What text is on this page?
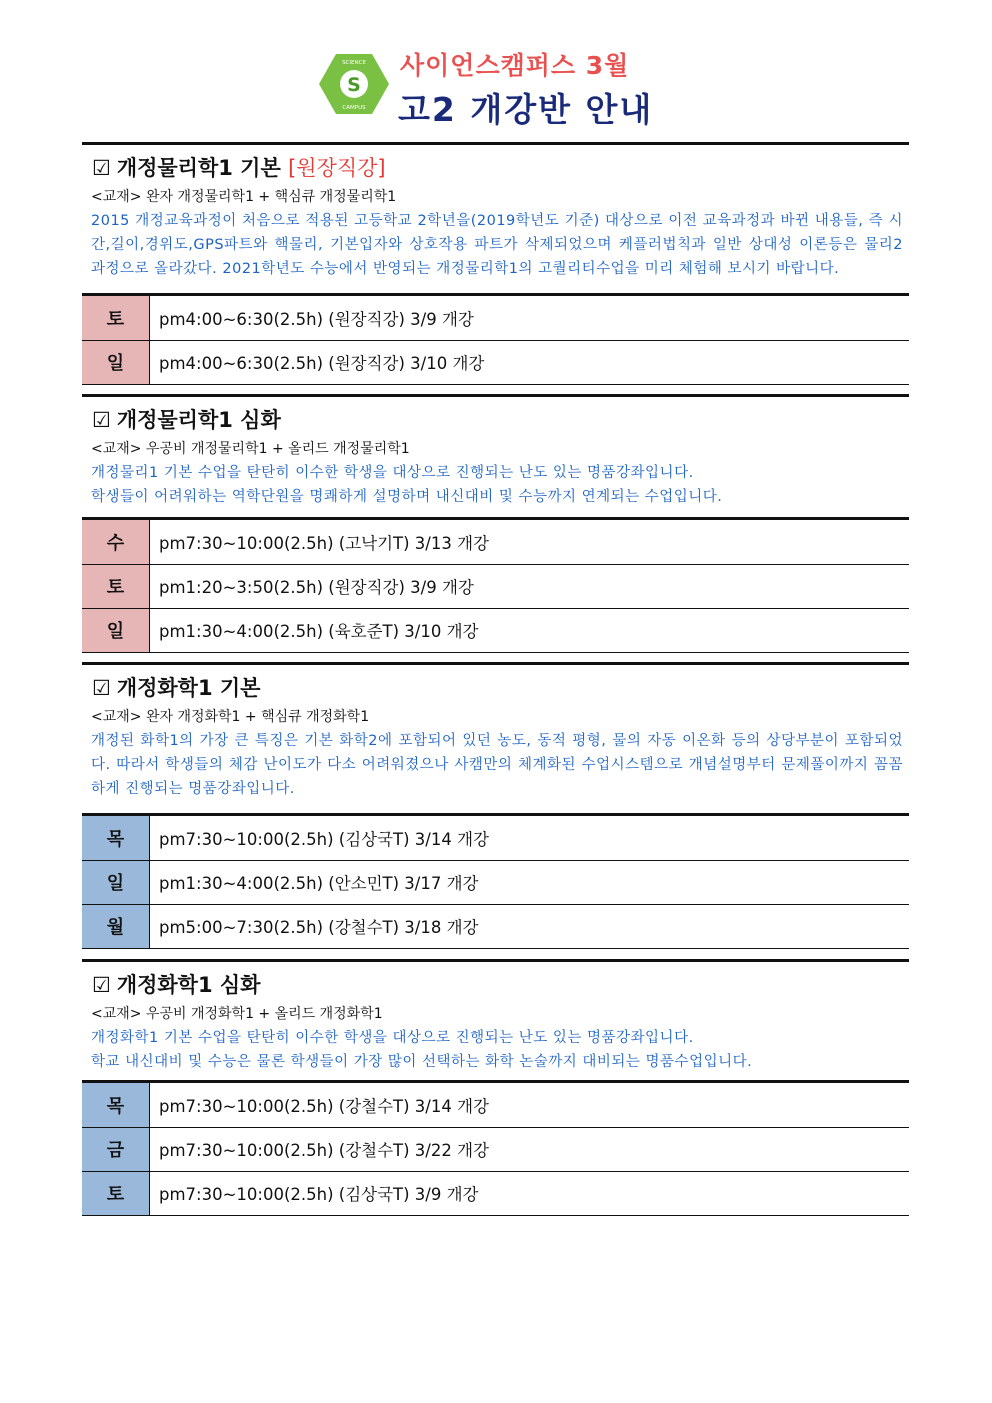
S
SCIENCE
CAMPUS
사이언스캠퍼스 3월
고2 개강반 안내
☑ 개정물리학1 기본 [원장직강]
<교재> 완자 개정물리학1 + 핵심큐 개정물리학1
2015 개정교육과정이 처음으로 적용된 고등학교 2학년을(2019학년도 기준) 대상으로 이전 교육과정과 바뀐 내용들, 즉 시간,길이,경위도,GPS파트와 핵물리, 기본입자와 상호작용 파트가 삭제되었으며 케플러법칙과 일반 상대성 이론등은 물리2 과정으로 올라갔다. 2021학년도 수능에서 반영되는 개정물리학1의 고퀄리티수업을 미리 체험해 보시기 바랍니다.
토	pm4:00~6:30(2.5h) (원장직강) 3/9 개강
일	pm4:00~6:30(2.5h) (원장직강) 3/10 개강
☑ 개정물리학1 심화
<교재> 우공비 개정물리학1 + 올리드 개정물리학1
개정물리1 기본 수업을 탄탄히 이수한 학생을 대상으로 진행되는 난도 있는 명품강좌입니다.
학생들이 어려워하는 역학단원을 명쾌하게 설명하며 내신대비 및 수능까지 연계되는 수업입니다.
수	pm7:30~10:00(2.5h) (고낙기T) 3/13 개강
토	pm1:20~3:50(2.5h) (원장직강) 3/9 개강
일	pm1:30~4:00(2.5h) (육호준T) 3/10 개강
☑ 개정화학1 기본
<교재> 완자 개정화학1 + 핵심큐 개정화학1
개정된 화학1의 가장 큰 특징은 기본 화학2에 포함되어 있던 농도, 동적 평형, 물의 자동 이온화 등의 상당부분이 포함되었다. 따라서 학생들의 체감 난이도가 다소 어려워졌으나 사캠만의 체계화된 수업시스템으로 개념설명부터 문제풀이까지 꼼꼼하게 진행되는 명품강좌입니다.
목	pm7:30~10:00(2.5h) (김상국T) 3/14 개강
일	pm1:30~4:00(2.5h) (안소민T) 3/17 개강
월	pm5:00~7:30(2.5h) (강철수T) 3/18 개강
☑ 개정화학1 심화
<교재> 우공비 개정화학1 + 올리드 개정화학1
개정화학1 기본 수업을 탄탄히 이수한 학생을 대상으로 진행되는 난도 있는 명품강좌입니다.
학교 내신대비 및 수능은 물론 학생들이 가장 많이 선택하는 화학 논술까지 대비되는 명품수업입니다.
목	pm7:30~10:00(2.5h) (강철수T) 3/14 개강
금	pm7:30~10:00(2.5h) (강철수T) 3/22 개강
토	pm7:30~10:00(2.5h) (김상국T) 3/9 개강
